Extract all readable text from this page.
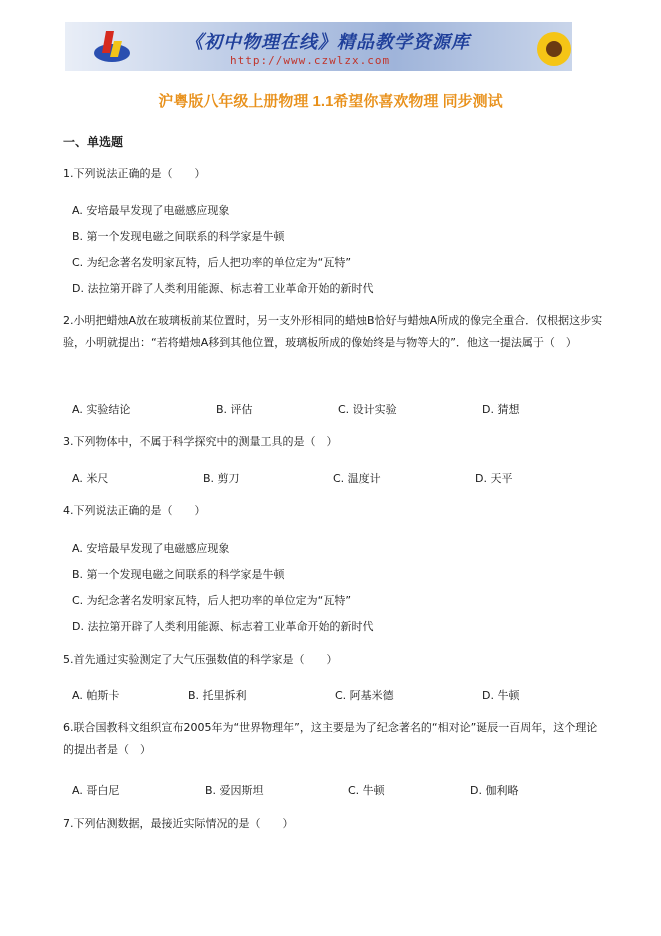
《初中物理在线》精品教学资源库
http://www.czwlzx.com
沪粤版八年级上册物理 1.1希望你喜欢物理 同步测试
一、单选题
1.下列说法正确的是（　　）
A. 安培最早发现了电磁感应现象
B. 第一个发现电磁之间联系的科学家是牛顿
C. 为纪念著名发明家瓦特，后人把功率的单位定为“瓦特”
D. 法拉第开辟了人类利用能源、标志着工业革命开始的新时代
2.小明把蜡烛A放在玻璃板前某位置时，另一支外形相同的蜡烛B恰好与蜡烛A所成的像完全重合．仅根据这步实验，小明就提出：“若将蜡烛A移到其他位置，玻璃板所成的像始终是与物等大的”．他这一提法属于（　）
A. 实验结论	B. 评估	C. 设计实验	D. 猜想
3.下列物体中，不属于科学探究中的测量工具的是（　）
A. 米尺	B. 剪刀	C. 温度计	D. 天平
4.下列说法正确的是（　　）
A. 安培最早发现了电磁感应现象
B. 第一个发现电磁之间联系的科学家是牛顿
C. 为纪念著名发明家瓦特，后人把功率的单位定为“瓦特”
D. 法拉第开辟了人类利用能源、标志着工业革命开始的新时代
5.首先通过实验测定了大气压强数值的科学家是（　　）
A. 帕斯卡	B. 托里拆利	C. 阿基米德	D. 牛顿
6.联合国教科文组织宣布2005年为“世界物理年”，这主要是为了纪念著名的“相对论”诞辰一百周年，这个理论的提出者是（　）
A. 哥白尼	B. 爱因斯坦	C. 牛顿	D. 伽利略
7.下列估测数据，最接近实际情况的是（　　）
